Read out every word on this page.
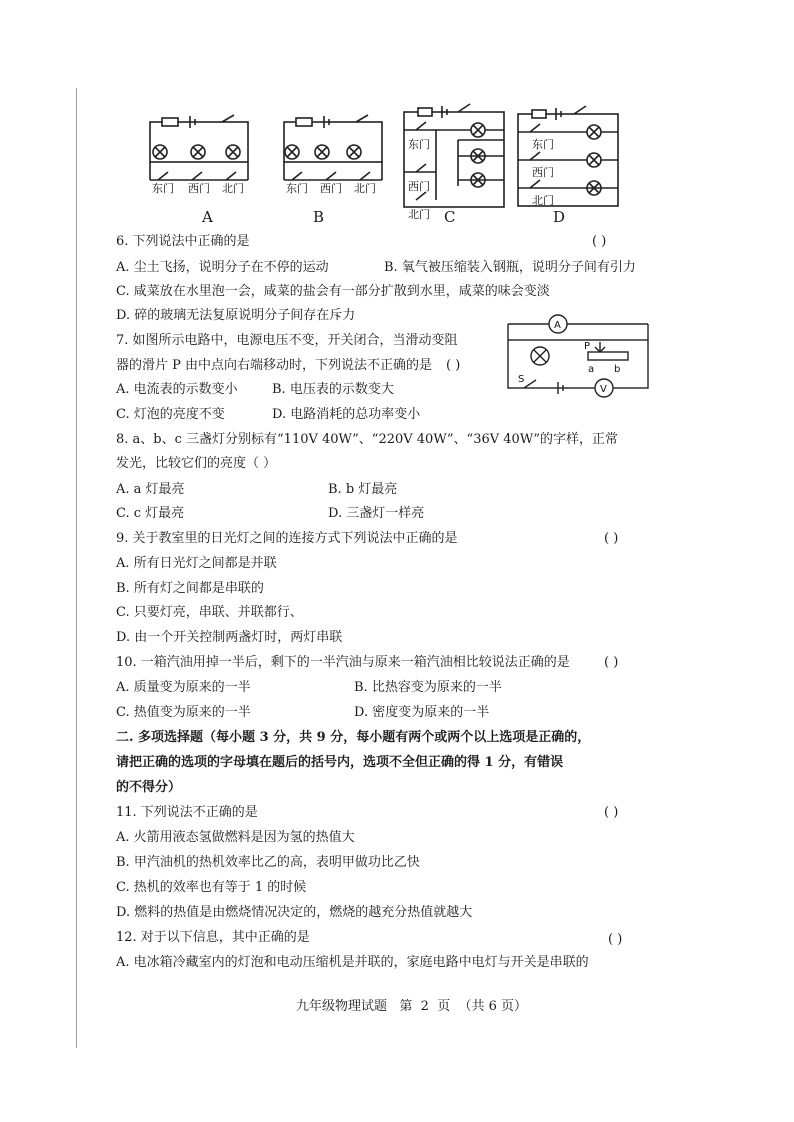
东门 西门 北门	东门 西门 北门
东门
西门
北门
东门
西门
北门
A	B	C	D
A
V
P
a b
S
6. 下列说法中正确的是	( )
A. 尘土飞扬，说明分子在不停的运动	B. 氧气被压缩装入钢瓶，说明分子间有引力
C. 咸菜放在水里泡一会，咸菜的盐会有一部分扩散到水里，咸菜的味会变淡
D. 碎的玻璃无法复原说明分子间存在斥力
7. 如图所示电路中，电源电压不变，开关闭合，当滑动变阻
器的滑片 P 由中点向右端移动时，下列说法不正确的是 ( )
A. 电流表的示数变小	B. 电压表的示数变大
C. 灯泡的亮度不变	D. 电路消耗的总功率变小
8. a、b、c 三盏灯分别标有“110V 40W”、“220V 40W”、“36V 40W”的字样，正常
发光，比较它们的亮度（ ）
A. a 灯最亮	B. b 灯最亮
C. c 灯最亮	D. 三盏灯一样亮
9. 关于教室里的日光灯之间的连接方式下列说法中正确的是	( )
A. 所有日光灯之间都是并联
B. 所有灯之间都是串联的
C. 只要灯亮，串联、并联都行、
D. 由一个开关控制两盏灯时，两灯串联
10. 一箱汽油用掉一半后，剩下的一半汽油与原来一箱汽油相比较说法正确的是	( )
A. 质量变为原来的一半	B. 比热容变为原来的一半
C. 热值变为原来的一半	D. 密度变为原来的一半
二. 多项选择题（每小题 3 分，共 9 分，每小题有两个或两个以上选项是正确的，
请把正确的选项的字母填在题后的括号内，选项不全但正确的得 1 分，有错误
的不得分）
11. 下列说法不正确的是	( )
A. 火箭用液态氢做燃料是因为氢的热值大
B. 甲汽油机的热机效率比乙的高，表明甲做功比乙快
C. 热机的效率也有等于 1 的时候
D. 燃料的热值是由燃烧情况决定的，燃烧的越充分热值就越大
12. 对于以下信息，其中正确的是	( )
A. 电冰箱冷藏室内的灯泡和电动压缩机是并联的，家庭电路中电灯与开关是串联的
九年级物理试题   第  2  页  （共 6 页）
